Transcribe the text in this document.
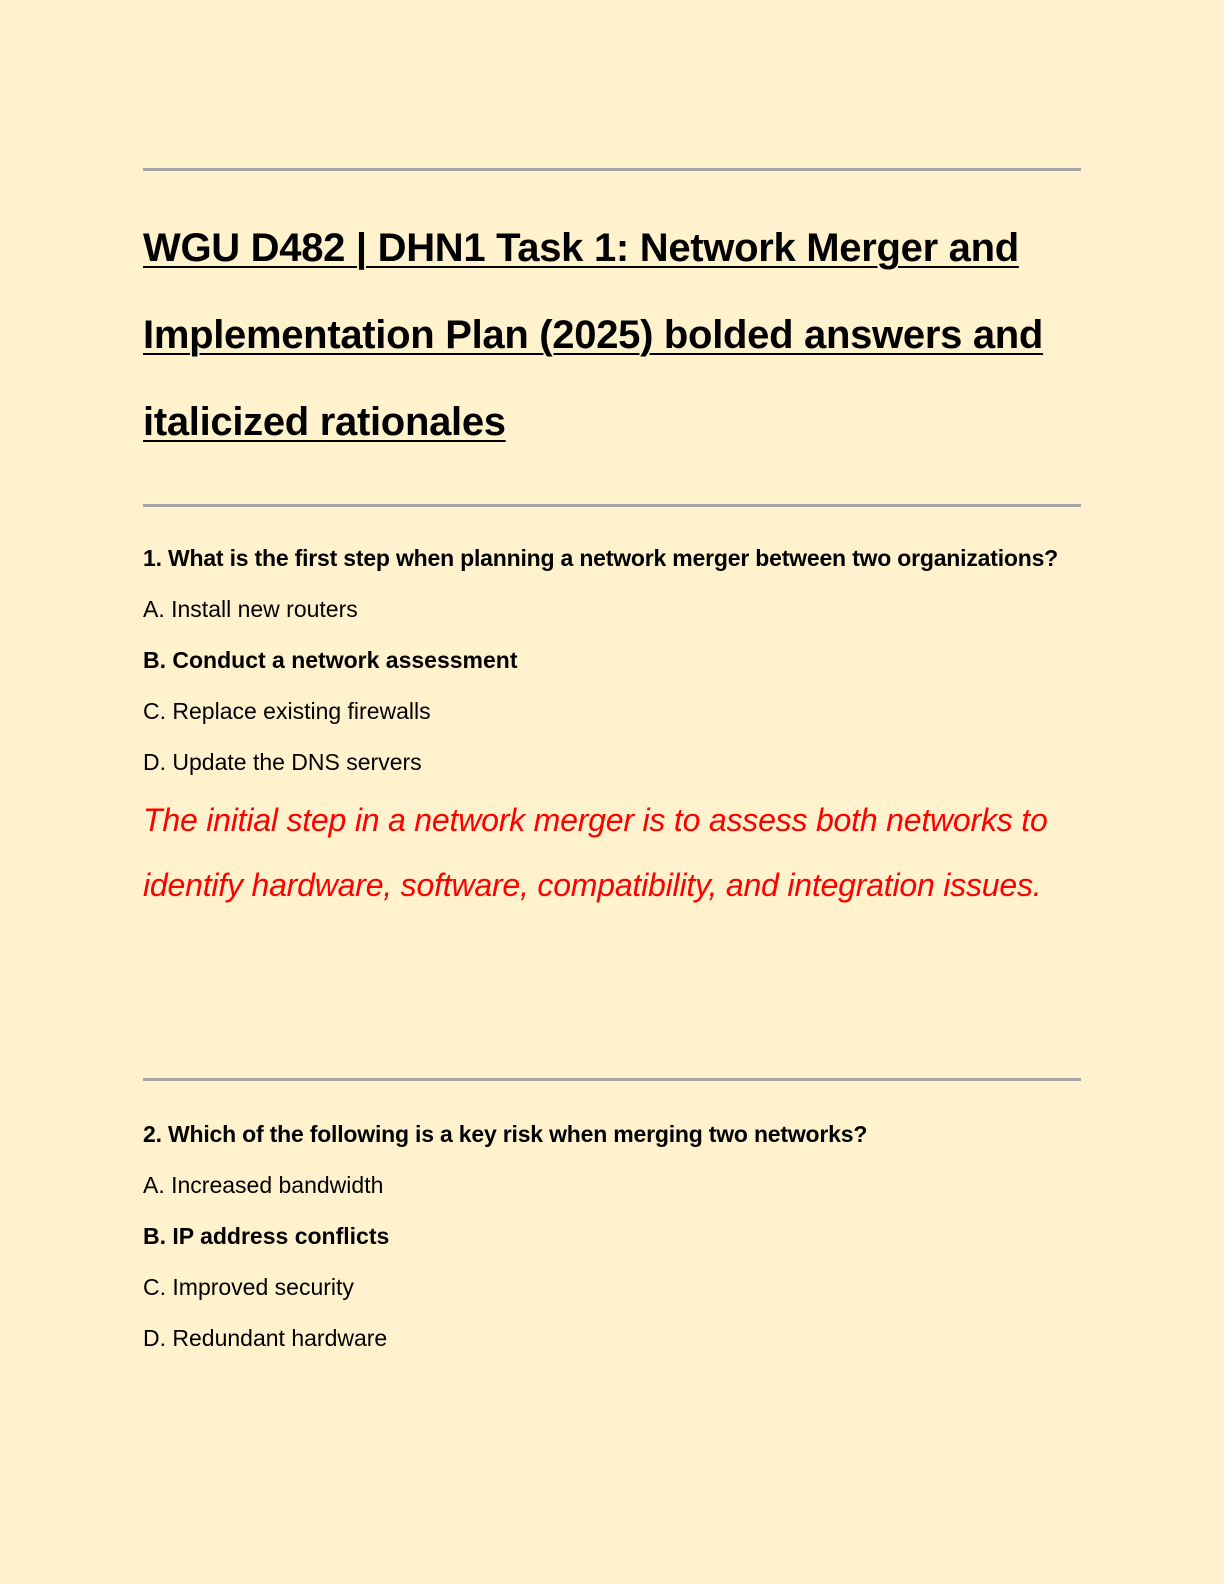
WGU D482 | DHN1 Task 1: Network Merger and Implementation Plan (2025) bolded answers and italicized rationales

1. What is the first step when planning a network merger between two organizations?

A. Install new routers

B. Conduct a network assessment

C. Replace existing firewalls

D. Update the DNS servers

The initial step in a network merger is to assess both networks to identify hardware, software, compatibility, and integration issues.

2. Which of the following is a key risk when merging two networks?

A. Increased bandwidth

B. IP address conflicts

C. Improved security

D. Redundant hardware
